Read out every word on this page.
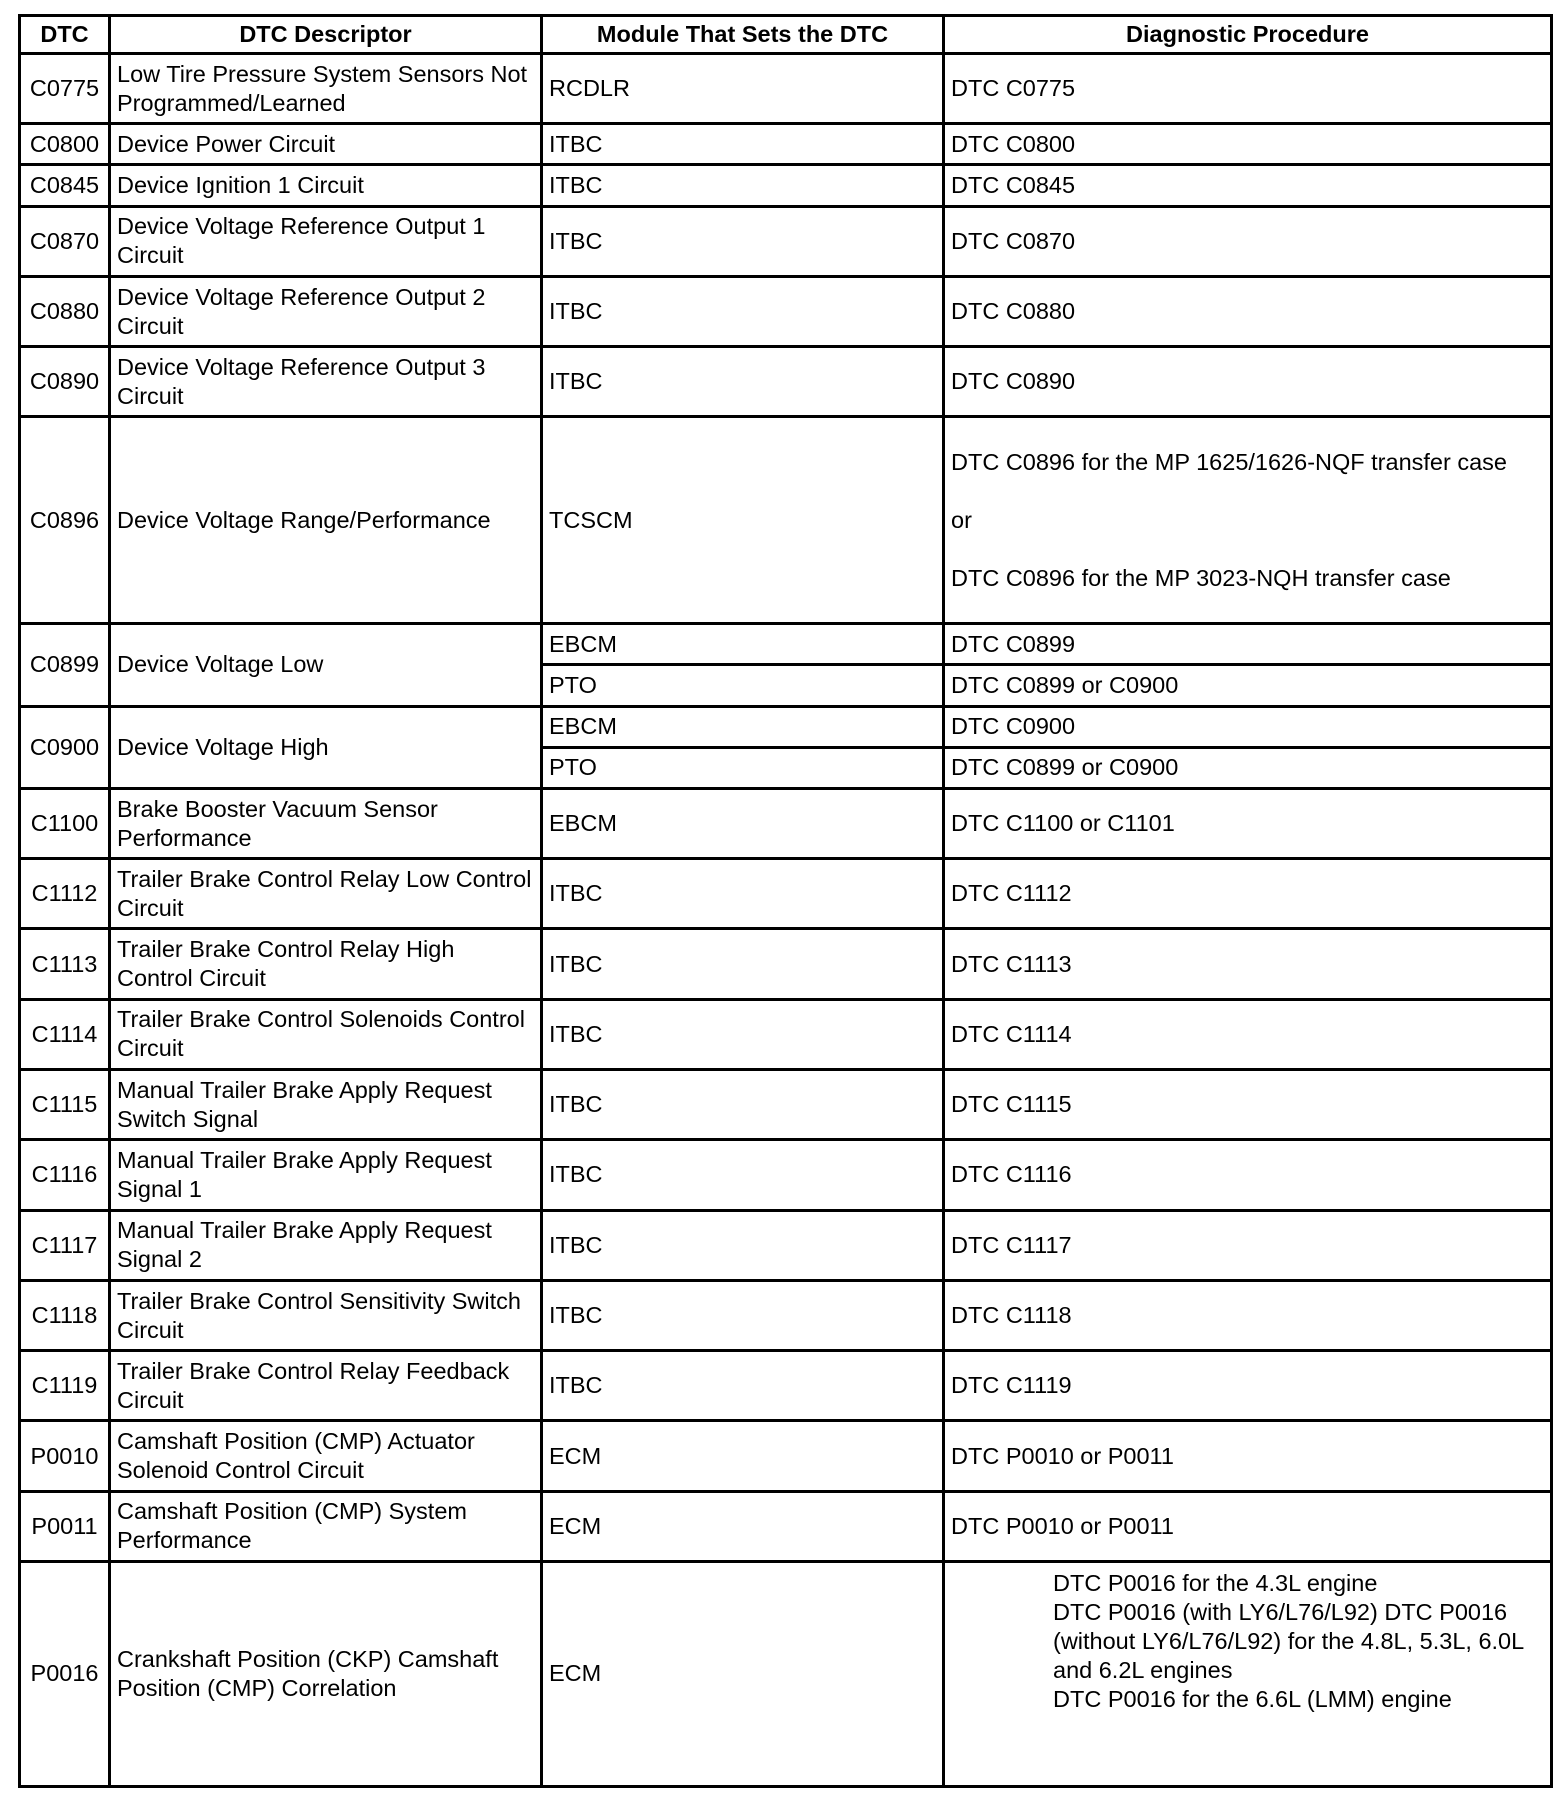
DTC	DTC Descriptor	Module That Sets the DTC	Diagnostic Procedure
C0775	Low Tire Pressure System Sensors Not Programmed/Learned	RCDLR	DTC C0775
C0800	Device Power Circuit	ITBC	DTC C0800
C0845	Device Ignition 1 Circuit	ITBC	DTC C0845
C0870	Device Voltage Reference Output 1 Circuit	ITBC	DTC C0870
C0880	Device Voltage Reference Output 2 Circuit	ITBC	DTC C0880
C0890	Device Voltage Reference Output 3 Circuit	ITBC	DTC C0890
C0896	Device Voltage Range/Performance	TCSCM	DTC C0896 for the MP 1625/1626-NQF transfer case
or
DTC C0896 for the MP 3023-NQH transfer case

C0899	Device Voltage Low	EBCM	DTC C0899
		PTO	DTC C0899 or C0900
C0900	Device Voltage High	EBCM	DTC C0900
		PTO	DTC C0899 or C0900
C1100	Brake Booster Vacuum Sensor Performance	EBCM	DTC C1100 or C1101
C1112	Trailer Brake Control Relay Low Control Circuit	ITBC	DTC C1112
C1113	Trailer Brake Control Relay High Control Circuit	ITBC	DTC C1113
C1114	Trailer Brake Control Solenoids Control Circuit	ITBC	DTC C1114
C1115	Manual Trailer Brake Apply Request Switch Signal	ITBC	DTC C1115
C1116	Manual Trailer Brake Apply Request Signal 1	ITBC	DTC C1116
C1117	Manual Trailer Brake Apply Request Signal 2	ITBC	DTC C1117
C1118	Trailer Brake Control Sensitivity Switch Circuit	ITBC	DTC C1118
C1119	Trailer Brake Control Relay Feedback Circuit	ITBC	DTC C1119
P0010	Camshaft Position (CMP) Actuator Solenoid Control Circuit	ECM	DTC P0010 or P0011
P0011	Camshaft Position (CMP) System Performance	ECM	DTC P0010 or P0011
P0016	Crankshaft Position (CKP) Camshaft Position (CMP) Correlation	ECM	DTC P0016 for the 4.3L engine
DTC P0016 (with LY6/L76/L92) DTC P0016 (without LY6/L76/L92) for the 4.8L, 5.3L, 6.0L and 6.2L engines
DTC P0016 for the 6.6L (LMM) engine
